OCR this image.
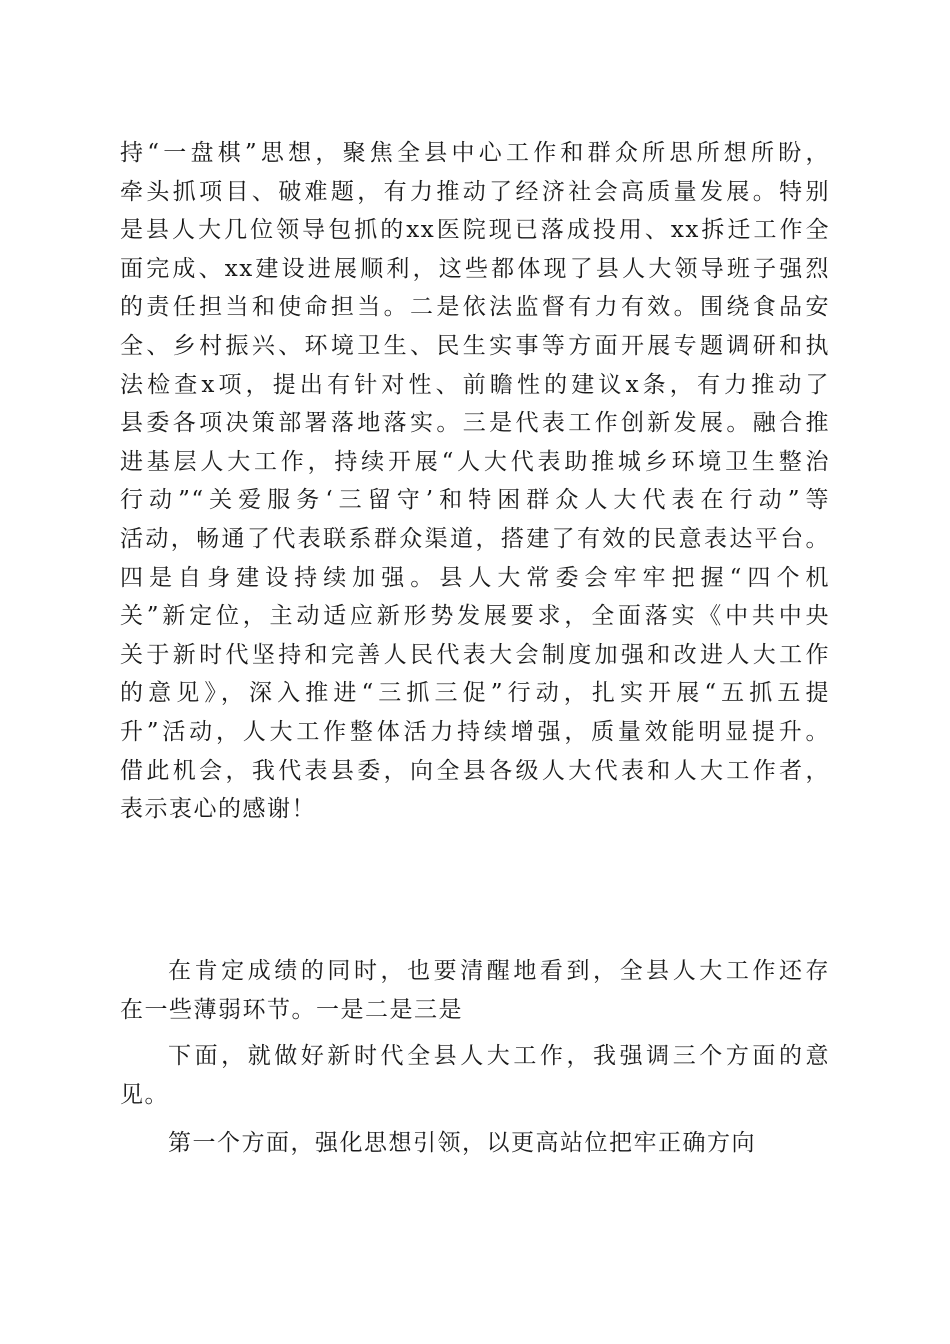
持“一盘棋”思想，聚焦全县中心工作和群众所思所想所盼，
牵头抓项目、破难题，有力推动了经济社会高质量发展。特别
是县人大几位领导包抓的xx医院现已落成投用、xx拆迁工作全
面完成、xx建设进展顺利，这些都体现了县人大领导班子强烈
的责任担当和使命担当。二是依法监督有力有效。围绕食品安
全、乡村振兴、环境卫生、民生实事等方面开展专题调研和执
法检查x项，提出有针对性、前瞻性的建议x条，有力推动了
县委各项决策部署落地落实。三是代表工作创新发展。融合推
进基层人大工作，持续开展“人大代表助推城乡环境卫生整治
行动”“关爱服务‘三留守’和特困群众人大代表在行动”等
活动，畅通了代表联系群众渠道，搭建了有效的民意表达平台。
四是自身建设持续加强。县人大常委会牢牢把握“四个机
关”新定位，主动适应新形势发展要求，全面落实《中共中央
关于新时代坚持和完善人民代表大会制度加强和改进人大工作
的意见》，深入推进“三抓三促”行动，扎实开展“五抓五提
升”活动，人大工作整体活力持续增强，质量效能明显提升。
借此机会，我代表县委，向全县各级人大代表和人大工作者，
表示衷心的感谢！
在肯定成绩的同时，也要清醒地看到，全县人大工作还存
在一些薄弱环节。一是二是三是
下面，就做好新时代全县人大工作，我强调三个方面的意
见。
第一个方面，强化思想引领，以更高站位把牢正确方向
